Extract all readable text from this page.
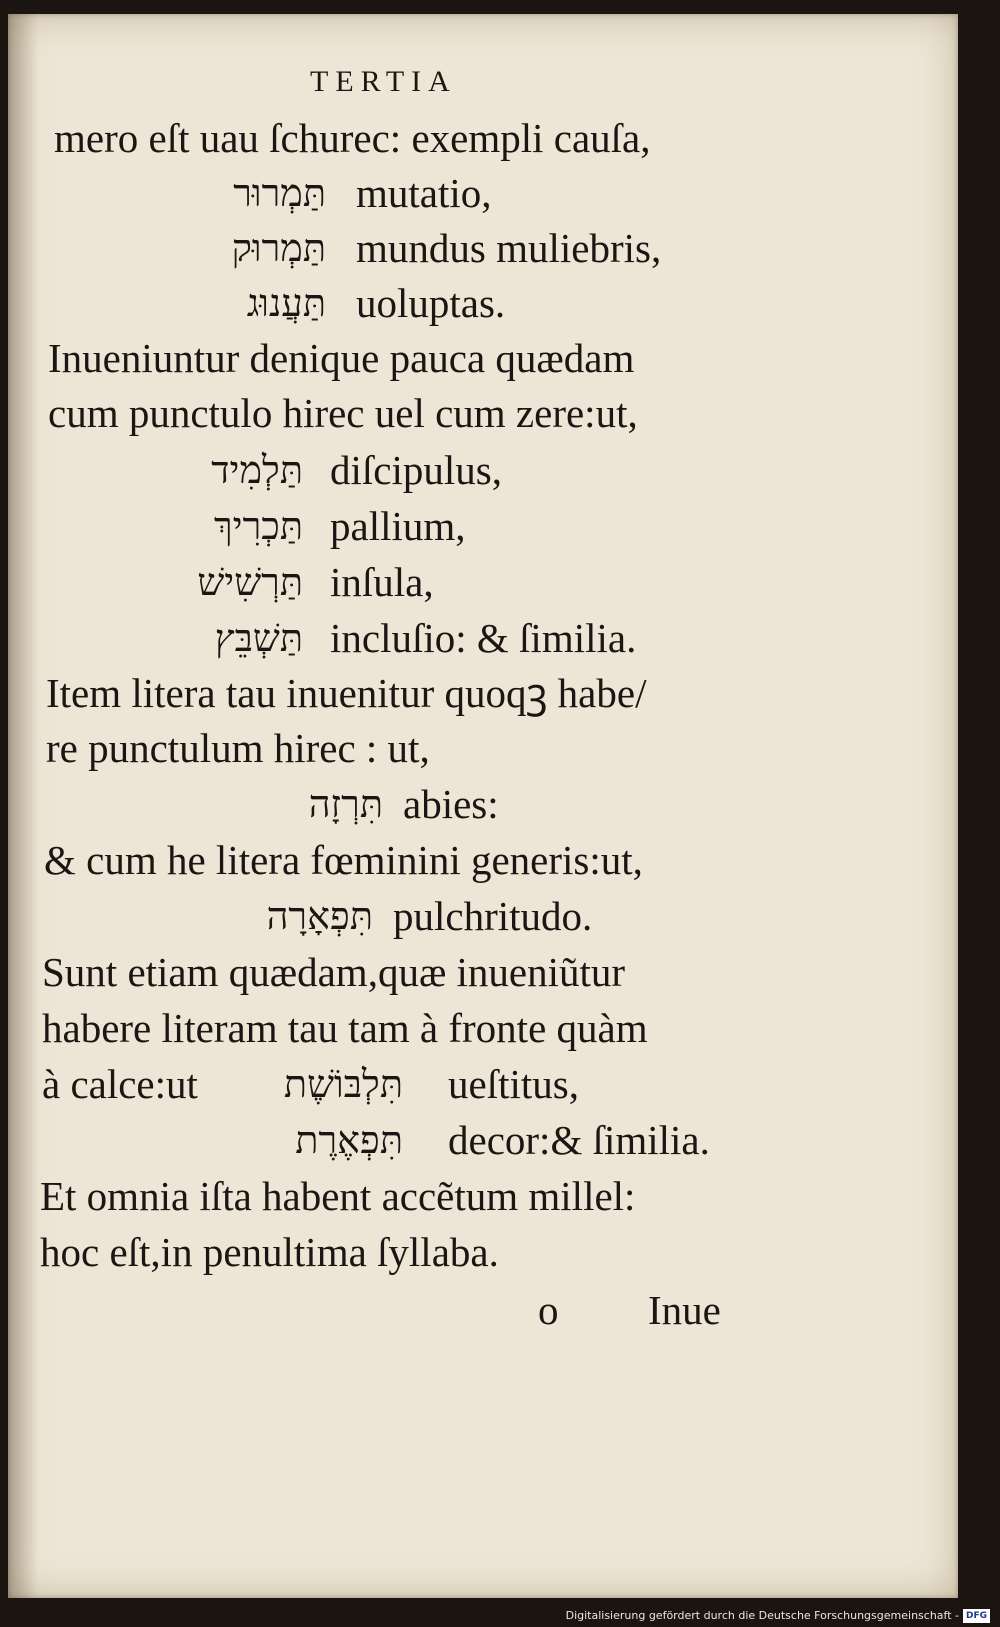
TERTIA
mero eſt uau ſchurec: exempli cauſa,
תַּמְרוּר mutatio,
תַּמְרוּק mundus muliebris,
תַּעֲנוּג uoluptas.
Inueniuntur denique pauca quædam
cum punctulo hirec uel cum zere:ut,
תַּלְמִיד diſcipulus,
תַּכְרִיךְ pallium,
תַּרְשִׁישׁ inſula,
תַּשְׁבֵּץ incluſio: & ſimilia.
Item litera tau inuenitur quoqꝫ habe/
re punctulum hirec : ut,
תִּרְזָה abies:
& cum he litera fœminini generis:ut,
תִּפְאָרָה pulchritudo.
Sunt etiam quædam,quæ inueniũtur
habere literam tau tam à fronte quàm
à calce:ut תִּלְבּוֹשֶׁת ueſtitus,
תִּפְאֶרֶת decor:& ſimilia.
Et omnia iſta habent accẽtum millel:
hoc eſt,in penultima ſyllaba.
o Inue
Digitalisierung gefördert durch die Deutsche Forschungsgemeinschaft - DFG
